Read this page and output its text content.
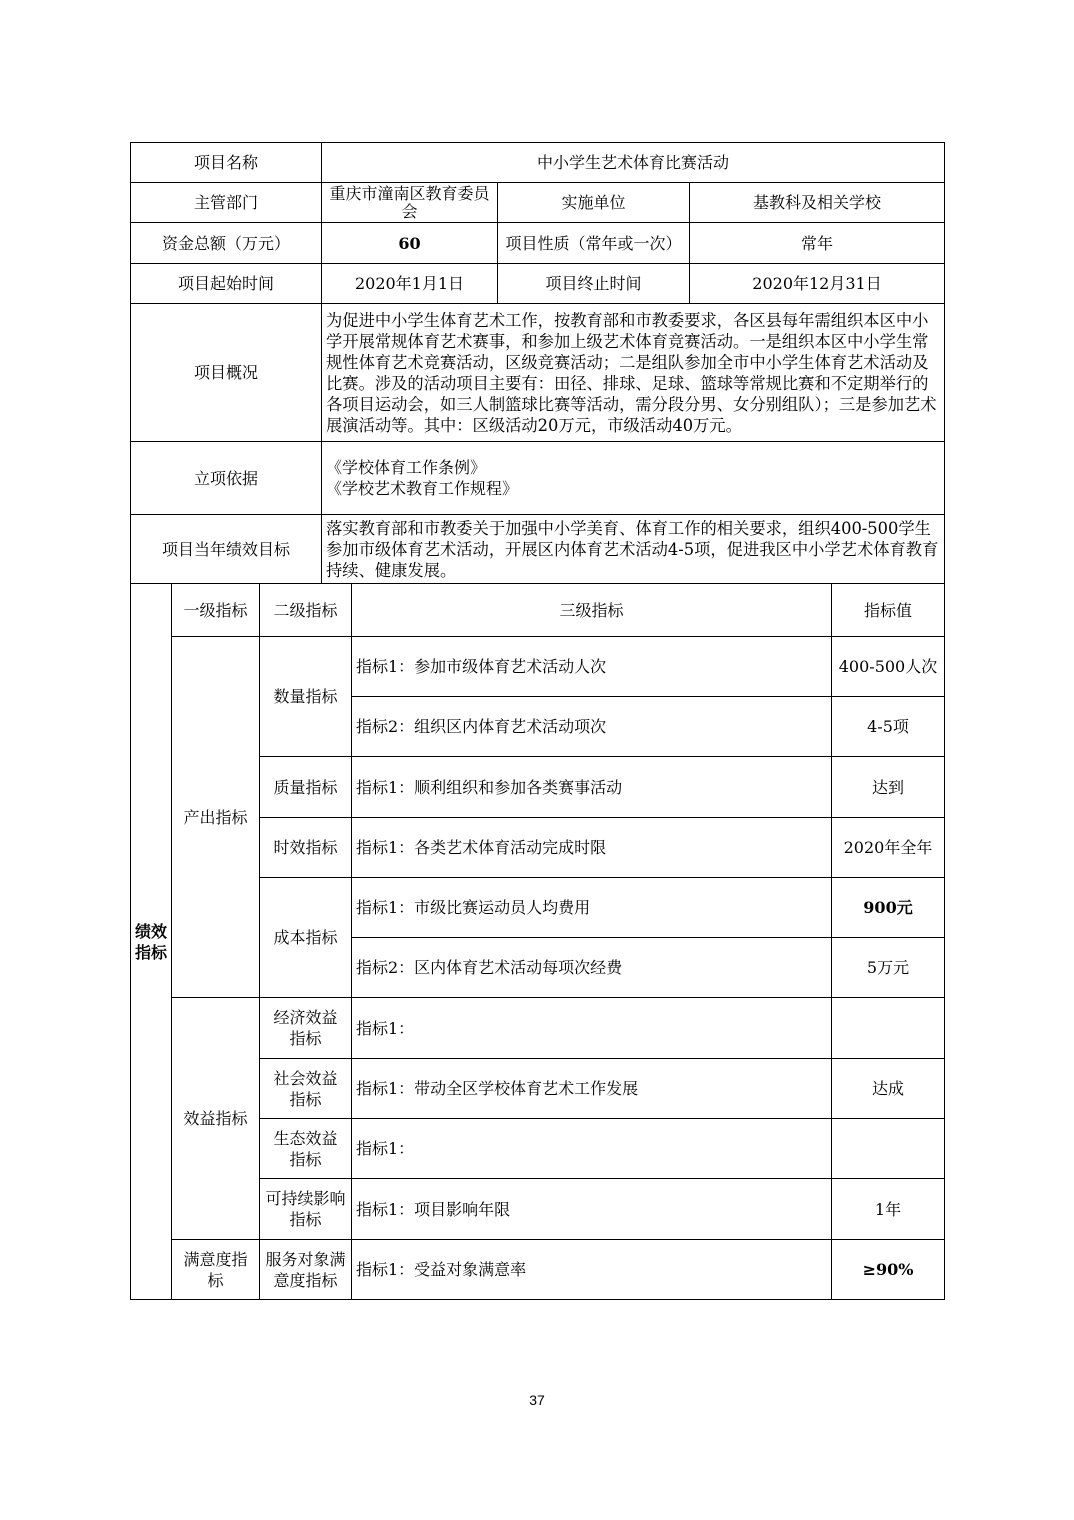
项目名称	中小学生艺术体育比赛活动		
主管部门	重庆市潼南区教育委员会	实施单位	基教科及相关学校
资金总额（万元）	60	项目性质（常年或一次）	常年
项目起始时间	2020年1月1日	项目终止时间	2020年12月31日
项目概况	为促进中小学生体育艺术工作，按教育部和市教委要求，各区县每年需组织本区中小学开展常规体育艺术赛事，和参加上级艺术体育竞赛活动。一是组织本区中小学生常规性体育艺术竞赛活动，区级竞赛活动；二是组队参加全市中小学生体育艺术活动及比赛。涉及的活动项目主要有：田径、排球、足球、篮球等常规比赛和不定期举行的各项目运动会，如三人制篮球比赛等活动，需分段分男、女分别组队）；三是参加艺术展演活动等。其中：区级活动20万元，市级活动40万元。		
立项依据	《学校体育工作条例》
《学校艺术教育工作规程》		

项目当年绩效目标	落实教育部和市教委关于加强中小学美育、体育工作的相关要求，组织400-500学生参加市级体育艺术活动，开展区内体育艺术活动4-5项，促进我区中小学艺术体育教育持续、健康发展。		
绩效指标	一级指标	二级指标	三级指标	指标值
	产出指标	数量指标	指标1：参加市级体育艺术活动人次	400-500人次
			指标2：组织区内体育艺术活动项次	4-5项
		质量指标	指标1：顺利组织和参加各类赛事活动	达到
		时效指标	指标1：各类艺术体育活动完成时限	2020年全年
		成本指标	指标1：市级比赛运动员人均费用	900元
			指标2：区内体育艺术活动每项次经费	5万元
	效益指标	经济效益指标	指标1：	
		社会效益指标	指标1：带动全区学校体育艺术工作发展	达成
		生态效益指标	指标1：	
		可持续影响指标	指标1：项目影响年限	1年
	满意度指标	服务对象满意度指标	指标1：受益对象满意率	≥90%
37
